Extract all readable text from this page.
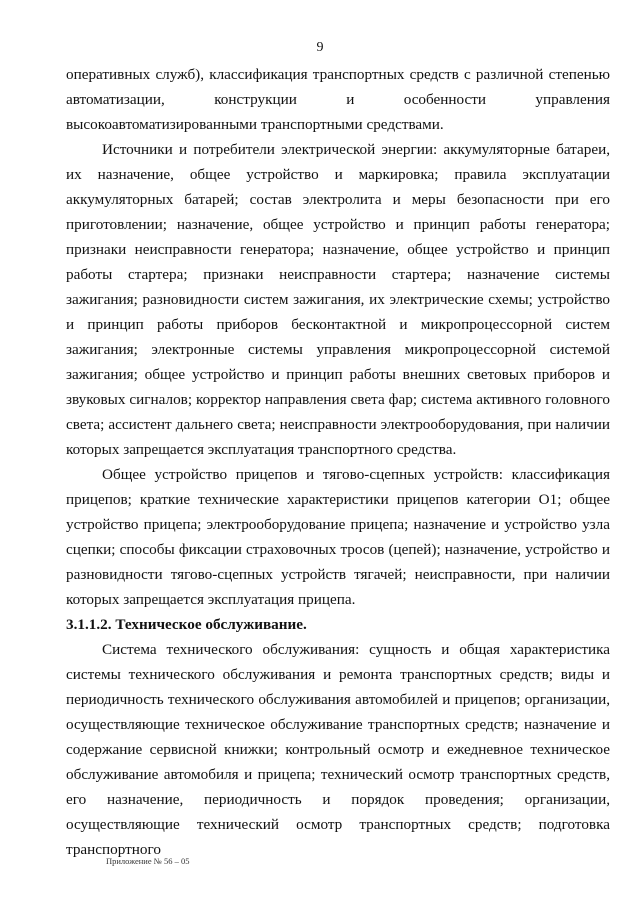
9

оперативных служб), классификация транспортных средств с различной степенью автоматизации, конструкции и особенности управления высокоавтоматизированными транспортными средствами.

Источники и потребители электрической энергии: аккумуляторные батареи, их назначение, общее устройство и маркировка; правила эксплуатации аккумуляторных батарей; состав электролита и меры безопасности при его приготовлении; назначение, общее устройство и принцип работы генератора; признаки неисправности генератора; назначение, общее устройство и принцип работы стартера; признаки неисправности стартера; назначение системы зажигания; разновидности систем зажигания, их электрические схемы; устройство и принцип работы приборов бесконтактной и микропроцессорной систем зажигания; электронные системы управления микропроцессорной системой зажигания; общее устройство и принцип работы внешних световых приборов и звуковых сигналов; корректор направления света фар; система активного головного света; ассистент дальнего света; неисправности электрооборудования, при наличии которых запрещается эксплуатация транспортного средства.

Общее устройство прицепов и тягово-сцепных устройств: классификация прицепов; краткие технические характеристики прицепов категории О1; общее устройство прицепа; электрооборудование прицепа; назначение и устройство узла сцепки; способы фиксации страховочных тросов (цепей); назначение, устройство и разновидности тягово-сцепных устройств тягачей; неисправности, при наличии которых запрещается эксплуатация прицепа.

3.1.1.2. Техническое обслуживание.

Система технического обслуживания: сущность и общая характеристика системы технического обслуживания и ремонта транспортных средств; виды и периодичность технического обслуживания автомобилей и прицепов; организации, осуществляющие техническое обслуживание транспортных средств; назначение и содержание сервисной книжки; контрольный осмотр и ежедневное техническое обслуживание автомобиля и прицепа; технический осмотр транспортных средств, его назначение, периодичность и порядок проведения; организации, осуществляющие технический осмотр транспортных средств; подготовка транспортного

Приложение № 56 – 05
